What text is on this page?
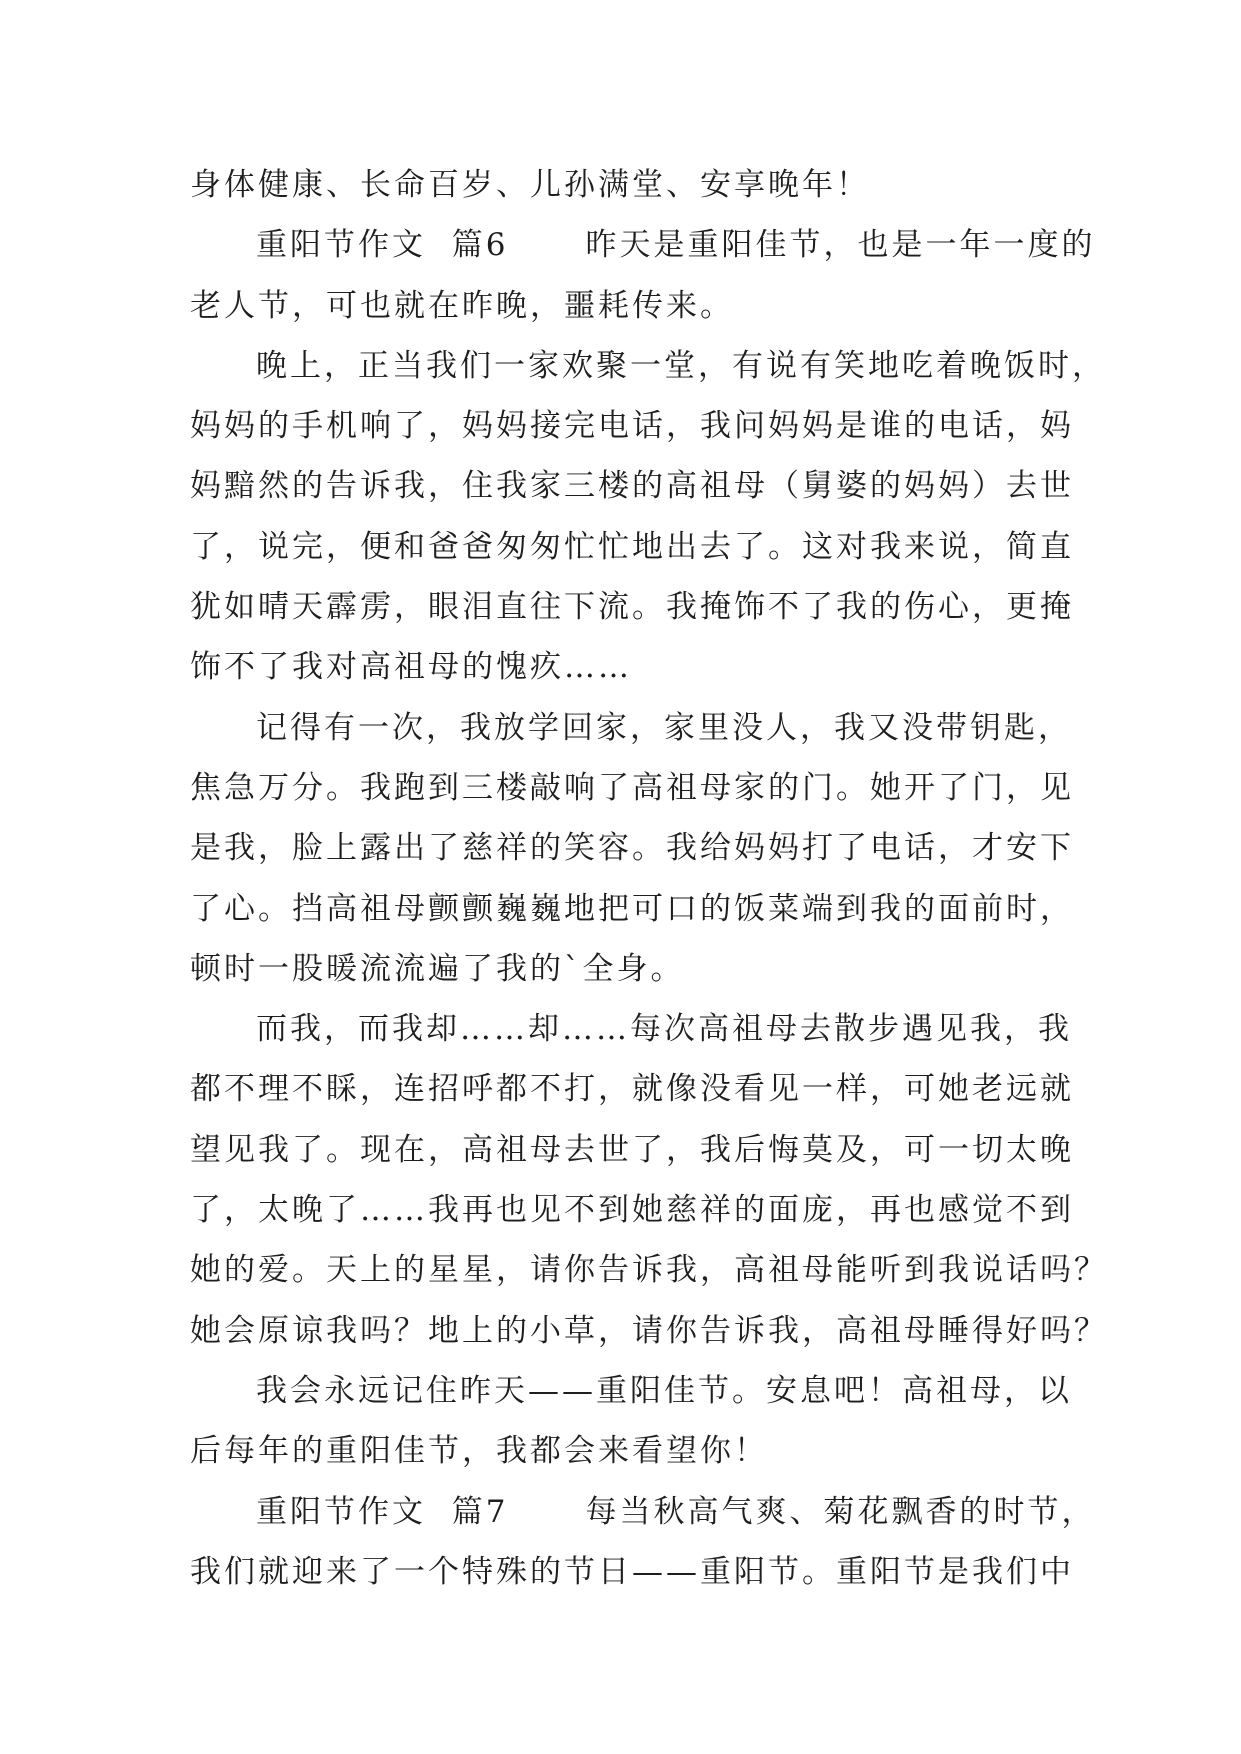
身体健康、长命百岁、儿孙满堂、安享晚年！
重阳节作文  篇6      昨天是重阳佳节，也是一年一度的
老人节，可也就在昨晚，噩耗传来。
晚上，正当我们一家欢聚一堂，有说有笑地吃着晚饭时，
妈妈的手机响了，妈妈接完电话，我问妈妈是谁的电话，妈
妈黯然的告诉我，住我家三楼的高祖母（舅婆的妈妈）去世
了，说完，便和爸爸匆匆忙忙地出去了。这对我来说，简直
犹如晴天霹雳，眼泪直往下流。我掩饰不了我的伤心，更掩
饰不了我对高祖母的愧疚……
记得有一次，我放学回家，家里没人，我又没带钥匙，
焦急万分。我跑到三楼敲响了高祖母家的门。她开了门，见
是我，脸上露出了慈祥的笑容。我给妈妈打了电话，才安下
了心。挡高祖母颤颤巍巍地把可口的饭菜端到我的面前时，
顿时一股暖流流遍了我的`全身。
而我，而我却……却……每次高祖母去散步遇见我，我
都不理不睬，连招呼都不打，就像没看见一样，可她老远就
望见我了。现在，高祖母去世了，我后悔莫及，可一切太晚
了，太晚了……我再也见不到她慈祥的面庞，再也感觉不到
她的爱。天上的星星，请你告诉我，高祖母能听到我说话吗？
她会原谅我吗？地上的小草，请你告诉我，高祖母睡得好吗？
我会永远记住昨天——重阳佳节。安息吧！高祖母，以
后每年的重阳佳节，我都会来看望你！
重阳节作文  篇7      每当秋高气爽、菊花飘香的时节，
我们就迎来了一个特殊的节日——重阳节。重阳节是我们中
